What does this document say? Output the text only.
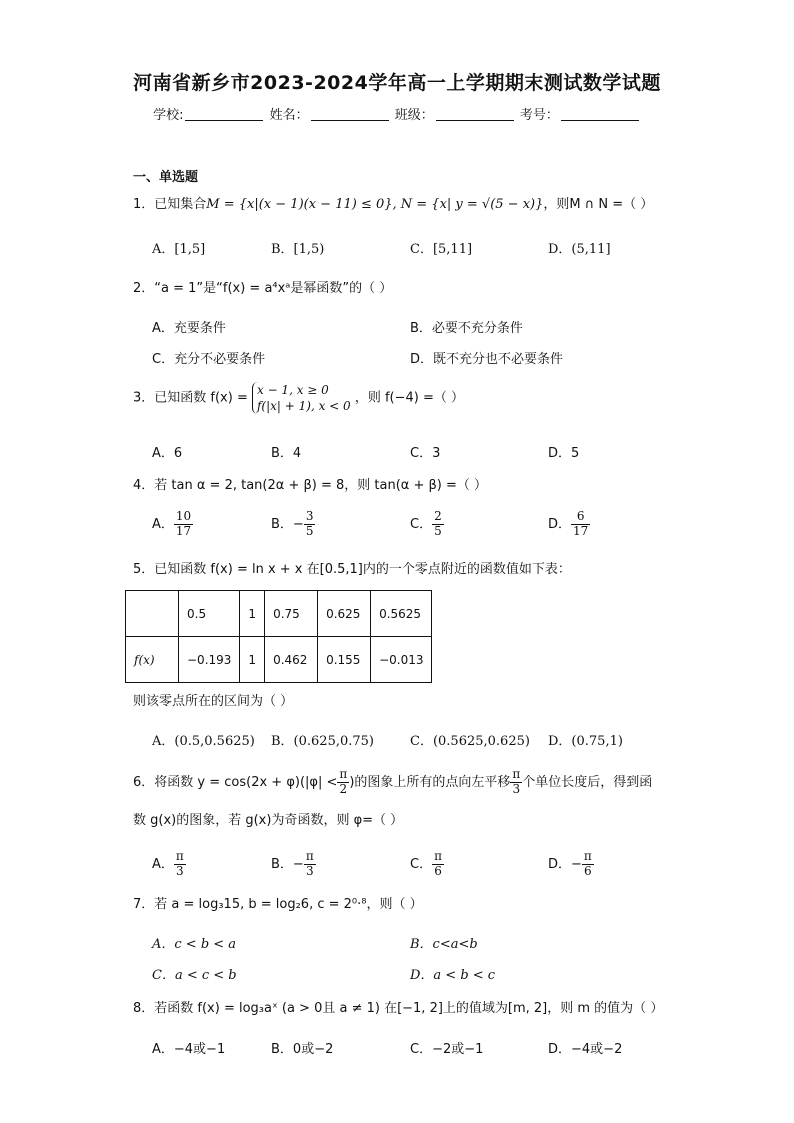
河南省新乡市2023-2024学年高一上学期期末测试数学试题
学校:	姓名：	班级：	考号：
一、单选题
1．已知集合M = {x|(x − 1)(x − 11) ≤ 0}, N = {x| y = √(5 − x)}，则M ∩ N =（ ）
A．[1,5]	B．[1,5)	C．[5,11]	D．(5,11]
2．“a = 1”是“f(x) = a⁴xᵃ是幂函数”的（ ）
A．充要条件	B．必要不充分条件
C．充分不必要条件	D．既不充分也不必要条件
3．已知函数 f(x) =
x − 1, x ≥ 0
f(|x| + 1), x < 0
，则 f(−4) =（ ）
A．6	B．4	C．3	D．5
4．若 tan α = 2, tan(2α + β) = 8，则 tan(α + β) =（ ）
A． $\frac{10}{17}$	B．− $\frac{3}{5}$	C． $\frac{2}{5}$	D． $\frac{6}{17}$
5．已知函数 f(x) = ln x + x 在[0.5,1]内的一个零点附近的函数值如下表：
	0.5	1	0.75	0.625	0.5625
f(x)	−0.193	1	0.462	0.155	−0.013
则该零点所在的区间为（ ）
A．(0.5,0.5625) B．(0.625,0.75)	C．(0.5625,0.625) D．(0.75,1)
6．将函数 $y = \cos(2x + \varphi)(|\varphi| < \frac{\pi}{2}$ )的图象上所有的点向左平移 $\frac{\pi}{3}$ 个单位长度后，得到函
数 g(x)的图象，若 g(x)为奇函数，则 φ=（ ）
A． $\frac{\pi}{3}$	B．− $\frac{\pi}{3}$	C． $\frac{\pi}{6}$	D．− $\frac{\pi}{6}$
7．若 a = log₃15, b = log₂6, c = 2⁰·⁸，则（ ）
A．c < b < a	B．c<a<b
C．a < c < b	D．a < b < c
8．若函数 f(x) = log₃aˣ (a > 0且 a ≠ 1) 在[−1, 2]上的值域为[m, 2]，则 m 的值为（ ）
A．−4或−1	B．0或−2	C．−2或−1	D．−4或−2
